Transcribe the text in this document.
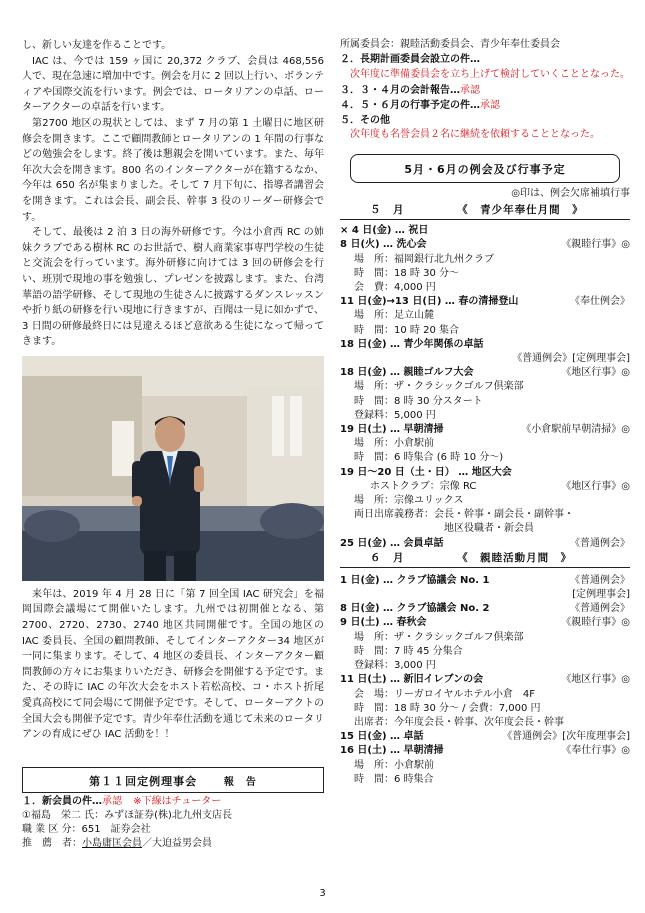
し、新しい友達を作ることです。

IAC は、今では 159 ヶ国に 20,372 クラブ、会員は 468,556 人で、現在急速に増加中です。例会を月に 2 回以上行い、ボランティアや国際交流を行います。例会では、ロータリアンの卓話、ローターアクターの卓話を行います。

第2700 地区の現状としては、まず 7 月の第 1 土曜日に地区研修会を開きます。ここで顧問教師とロータリアンの 1 年間の行事などの勉強会をします。終了後は懇親会を開いています。また、毎年年次大会を開きます。800 名のインターアクターが在籍するなか、今年は 650 名が集まりました。そして 7 月下旬に、指導者講習会を開きます。これは会長、副会長、幹事 3 役のリーダー研修会です。

そして、最後は 2 泊 3 日の海外研修です。今は小倉西 RC の姉妹クラブである樹林 RC のお世話で、樹人商業家事専門学校の生徒と交流会を行っています。海外研修に向けては 3 回の研修会を行い、班別で現地の事を勉強し、プレゼンを披露します。また、台湾華語の語学研修、そして現地の生徒さんに披露するダンスレッスンや折り紙の研修を行い現地に行きますが、百聞は一見に如かずで、3 日間の研修最終日には見違えるほど意欲ある生徒になって帰ってきます。

来年は、2019 年 4 月 28 日に「第 7 回全国 IAC 研究会」を福岡国際会議場にて開催いたします。九州では初開催となる、第 2700、2720、2730、2740 地区共同開催です。全国の地区の IAC 委員長、全国の顧問教師、そしてインターアクター34 地区が一同に集まります。そして、4 地区の委員長、インターアクター顧問教師の方々にお集まりいただき、研修会を開催する予定です。また、その時に IAC の年次大会をホスト若松高校、コ・ホスト折尾愛真高校にて同会場にて開催予定です。そして、ローターアクトの全国大会も開催予定です。青少年奉仕活動を通じて未来のロータリアンの育成にぜひ IAC 活動を！！

第１１回定例理事会	報　告
１．新会員の件…承認 ※下線はチューター
①福島　栄二 氏：みずほ証券(株)北九州支店長
職 業 区 分：651　証券会社
推　薦　者：小島庸匡会員／大迫益男会員
所属委員会：親睦活動委員会、青少年奉仕委員会
２．長期計画委員会設立の件…

次年度に準備委員会を立ち上げて検討していくこととなった。

３．３・４月の会計報告…承認
４．５・６月の行事予定の件…承認
５．その他
次年度も名誉会員２名に継続を依頼することとなった。
5月・6月の例会及び行事予定
◎印は、例会欠席補填行事
５　月	《　青少年奉仕月間　》
× 4 日(金) … 祝日
8 日(火) … 洗心会	《親睦行事》◎
場　所：福岡銀行北九州クラブ
時　間：18 時 30 分～
会　費：4,000 円
11 日(金)→13 日(日) … 春の清掃登山	《奉仕例会》
場　所：足立山麓
時　間：10 時 20 集合
18 日(金) … 青少年関係の卓話
《普通例会》[定例理事会]
18 日(金) … 親睦ゴルフ大会	《地区行事》◎
場　所：ザ・クラシックゴルフ倶楽部
時　間：8 時 30 分スタート
登録料：5,000 円
19 日(土) … 早朝清掃	《小倉駅前早朝清掃》◎
場　所：小倉駅前
時　間：6 時集合 (6 時 10 分～)
19 日～20 日（土・日） … 地区大会
ホストクラブ：宗像 RC	《地区行事》◎
場　所：宗像ユリックス
両日出席義務者：会長・幹事・副会長・副幹事・
地区役職者・新会員
25 日(金) … 会員卓話	《普通例会》
６　月	《　親睦活動月間　》
1 日(金) … クラブ協議会 No. 1	《普通例会》
[定例理事会]
8 日(金) … クラブ協議会 No. 2	《普通例会》
9 日(土) … 春秋会	《親睦行事》◎
場　所：ザ・クラシックゴルフ倶楽部
時　間：7 時 45 分集合
登録料：3,000 円
11 日(土) … 新旧イレブンの会	《地区行事》◎
会　場：リーガロイヤルホテル小倉　4F
時　間：18 時 30 分～ / 会費：7,000 円
出席者：今年度会長・幹事、次年度会長・幹事
15 日(金) … 卓話	《普通例会》[次年度理事会]
16 日(土) … 早朝清掃	《奉仕行事》◎
場　所：小倉駅前
時　間：6 時集合
3
